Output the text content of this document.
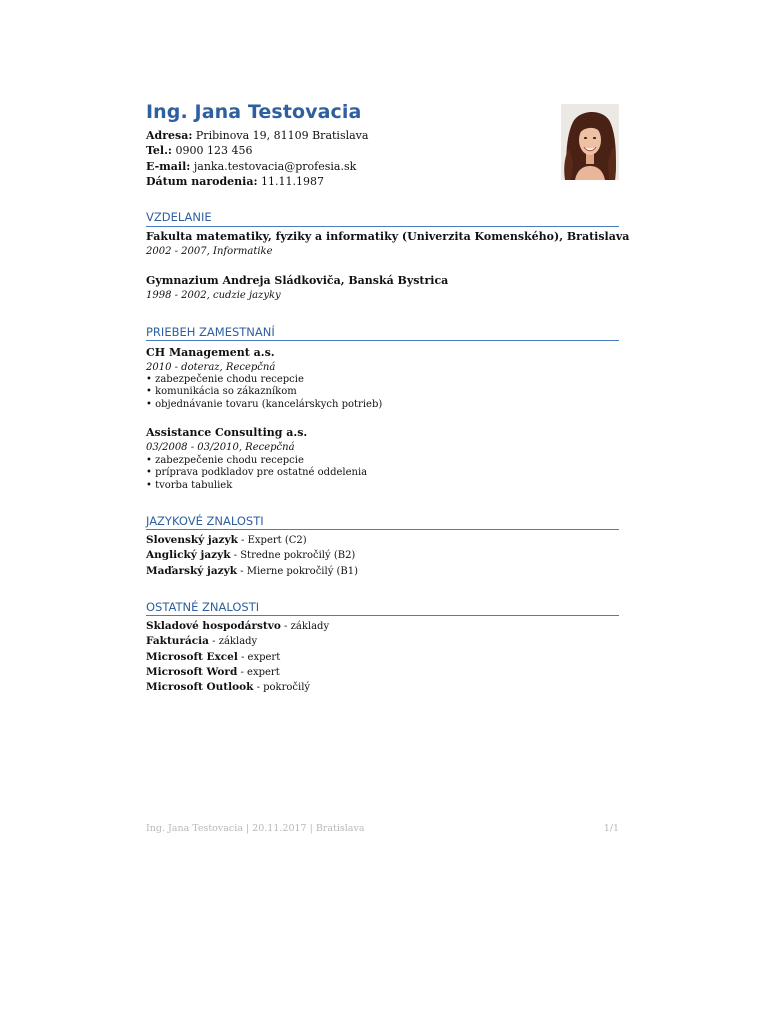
Ing. Jana Testovacia
Adresa: Pribinova 19, 81109 Bratislava
Tel.: 0900 123 456
E-mail: janka.testovacia@profesia.sk
Dátum narodenia: 11.11.1987
VZDELANIE
Fakulta matematiky, fyziky a informatiky (Univerzita Komenského), Bratislava
2002 - 2007, Informatike
Gymnazium Andreja Sládkoviča, Banská Bystrica
1998 - 2002, cudzie jazyky
PRIEBEH ZAMESTNANÍ
CH Management a.s.
2010 - doteraz, Recepčná
• zabezpečenie chodu recepcie
• komunikácia so zákazníkom
• objednávanie tovaru (kancelárskych potrieb)
Assistance Consulting a.s.
03/2008 - 03/2010, Recepčná
• zabezpečenie chodu recepcie
• príprava podkladov pre ostatné oddelenia
• tvorba tabuliek
JAZYKOVÉ ZNALOSTI
Slovenský jazyk - Expert (C2)
Anglický jazyk - Stredne pokročilý (B2)
Maďarský jazyk - Mierne pokročilý (B1)
OSTATNÉ ZNALOSTI
Skladové hospodárstvo - základy
Fakturácia - základy
Microsoft Excel - expert
Microsoft Word - expert
Microsoft Outlook - pokročilý
Ing. Jana Testovacia | 20.11.2017 | Bratislava	1/1
